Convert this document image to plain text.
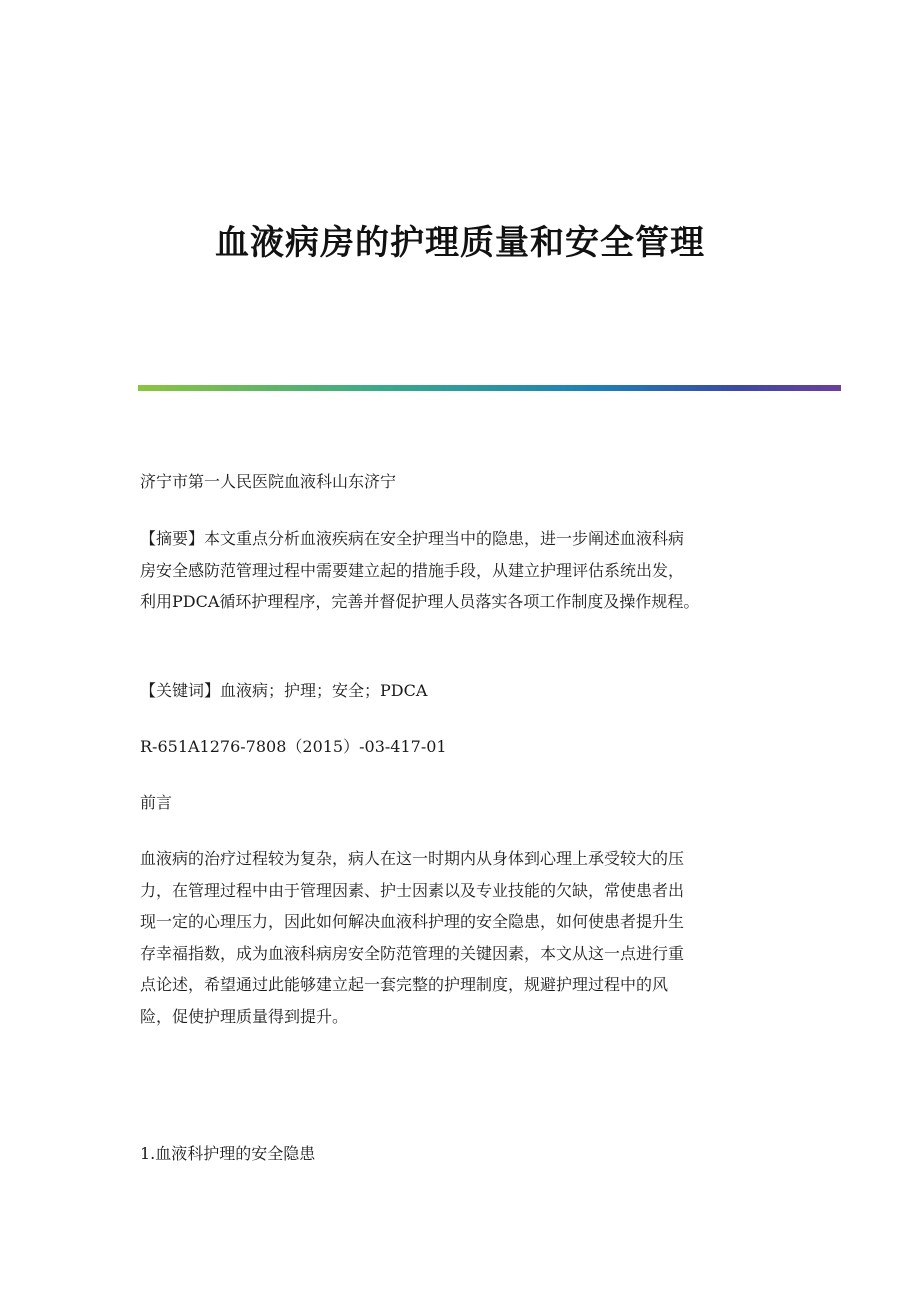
血液病房的护理质量和安全管理

济宁市第一人民医院血液科山东济宁

【摘要】本文重点分析血液疾病在安全护理当中的隐患，进一步阐述血液科病
房安全感防范管理过程中需要建立起的措施手段，从建立护理评估系统出发，
利用PDCA循环护理程序，完善并督促护理人员落实各项工作制度及操作规程。

【关键词】血液病；护理；安全；PDCA

R-651A1276-7808（2015）-03-417-01

前言

血液病的治疗过程较为复杂，病人在这一时期内从身体到心理上承受较大的压
力，在管理过程中由于管理因素、护士因素以及专业技能的欠缺，常使患者出
现一定的心理压力，因此如何解决血液科护理的安全隐患，如何使患者提升生
存幸福指数，成为血液科病房安全防范管理的关键因素，本文从这一点进行重
点论述，希望通过此能够建立起一套完整的护理制度，规避护理过程中的风
险，促使护理质量得到提升。

1.血液科护理的安全隐患
